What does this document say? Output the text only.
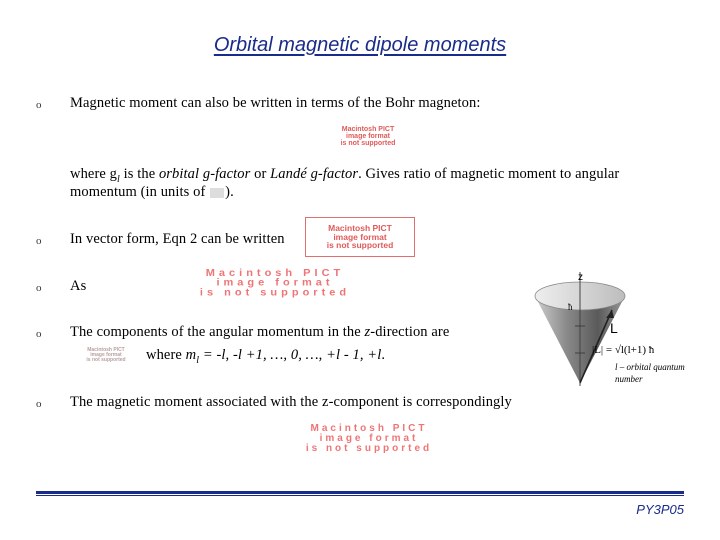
Orbital magnetic dipole moments
o Magnetic moment can also be written in terms of the Bohr magneton:
Macintosh PICT
image format
is not supported
where $g_l$ is the orbital g-factor or Landé g-factor. Gives ratio of magnetic moment to angular
momentum (in units of ).
o In vector form, Eqn 2 can be written
Macintosh PICT
image format
is not supported
o As
Macintosh PICT
image format
is not supported
o The components of the angular momentum in the z-direction are
Macintosh PICT
image format
is not supported	where $m_l = -l$, -l +1, …, 0, …, +l - 1, +l.
z
ħ
L
|L| = √l(l+1) ħ
l – orbital quantum
number
o The magnetic moment associated with the z-component is correspondingly
Macintosh PICT
image format
is not supported
PY3P05
